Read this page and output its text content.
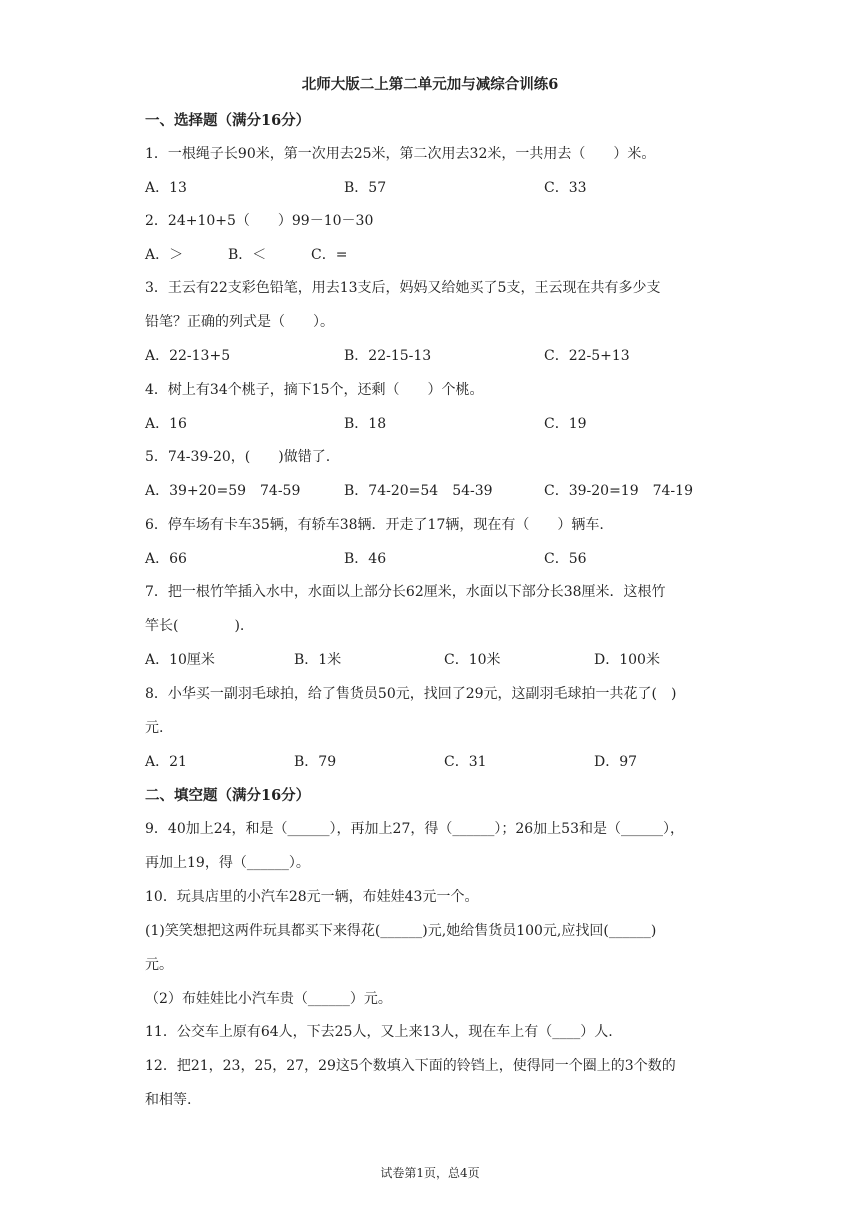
北师大版二上第二单元加与减综合训练6
一、选择题（满分16分）
1．一根绳子长90米，第一次用去25米，第二次用去32米，一共用去（　　）米。
A．13	B．57	C．33
2．24+10+5（　　）99－10－30
A．＞	B．＜	C．=
3．王云有22支彩色铅笔，用去13支后，妈妈又给她买了5支，王云现在共有多少支
铅笔？正确的列式是（　　）。
A．22-13+5	B．22-15-13	C．22-5+13
4．树上有34个桃子，摘下15个，还剩（　　）个桃。
A．16	B．18	C．19
5．74-39-20，(　　)做错了.
A．39+20=59　74-59	B．74-20=54　54-39	C．39-20=19　74-19
6．停车场有卡车35辆，有轿车38辆．开走了17辆，现在有（　　）辆车.
A．66	B．46	C．56
7．把一根竹竿插入水中，水面以上部分长62厘米，水面以下部分长38厘米．这根竹
竿长(　　　　).
A．10厘米	B．1米	C．10米	D．100米
8．小华买一副羽毛球拍，给了售货员50元，找回了29元，这副羽毛球拍一共花了(　)
元.
A．21	B．79	C．31	D．97
二、填空题（满分16分）
9．40加上24，和是（______），再加上27，得（______）；26加上53和是（______），
再加上19，得（______）。
10．玩具店里的小汽车28元一辆，布娃娃43元一个。
(1)笑笑想把这两件玩具都买下来得花(______)元,她给售货员100元,应找回(______)
元。
（2）布娃娃比小汽车贵（______）元。
11．公交车上原有64人，下去25人，又上来13人，现在车上有（____）人.
12．把21，23，25，27，29这5个数填入下面的铃铛上，使得同一个圈上的3个数的
和相等.
试卷第1页，总4页
